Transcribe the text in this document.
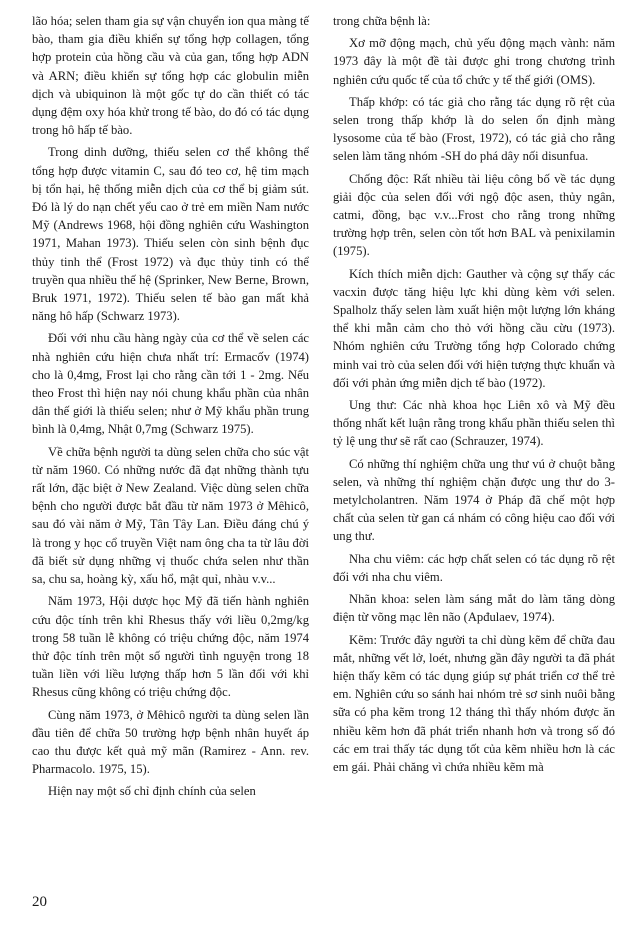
lão hóa; selen tham gia sự vận chuyển ion qua màng tế bào, tham gia điều khiển sự tổng hợp collagen, tổng hợp protein của hồng cầu và của gan, tổng hợp ADN và ARN; điều khiển sự tổng hợp các globulin miễn dịch và ubiquinon là một gốc tự do cần thiết có tác dụng đệm oxy hóa khử trong tế bào, do đó có tác dụng trong hô hấp tế bào.

Trong dinh dưỡng, thiếu selen cơ thể không thể tổng hợp được vitamin C, sau đó teo cơ, hệ tim mạch bị tổn hại, hệ thống miễn dịch của cơ thể bị giảm sút. Đó là lý do nạn chết yểu cao ở trẻ em miền Nam nước Mỹ (Andrews 1968, hội đồng nghiên cứu Washington 1971, Mahan 1973). Thiếu selen còn sinh bệnh đục thủy tinh thể (Frost 1972) và đục thủy tinh có thể truyền qua nhiều thế hệ (Sprinker, New Berne, Brown, Bruk 1971, 1972). Thiếu selen tế bào gan mất khả năng hô hấp (Schwarz 1973).

Đối với nhu cầu hàng ngày của cơ thể về selen các nhà nghiên cứu hiện chưa nhất trí: Ermacốv (1974) cho là 0,4mg, Frost lại cho rằng cần tới 1 - 2mg. Nếu theo Frost thì hiện nay nói chung khẩu phần của nhân dân thế giới là thiếu selen; như ở Mỹ khẩu phần trung bình là 0,4mg, Nhật 0,7mg (Schwarz 1975).

Về chữa bệnh người ta dùng selen chữa cho súc vật từ năm 1960. Có những nước đã đạt những thành tựu rất lớn, đặc biệt ở New Zealand. Việc dùng selen chữa bệnh cho người được bắt đầu từ năm 1973 ở Mêhicô, sau đó vài năm ở Mỹ, Tân Tây Lan. Điều đáng chú ý là trong y học cổ truyền Việt nam ông cha ta từ lâu đời đã biết sử dụng những vị thuốc chứa selen như thần sa, chu sa, hoàng kỳ, xấu hổ, mật quỉ, nhàu v.v...

Năm 1973, Hội dược học Mỹ đã tiến hành nghiên cứu độc tính trên khỉ Rhesus thấy với liều 0,2mg/kg trong 58 tuần lễ không có triệu chứng độc, năm 1974 thử độc tính trên một số người tình nguyện trong 18 tuần liền với liều lượng thấp hơn 5 lần đối với khỉ Rhesus cũng không có triệu chứng độc.

Cùng năm 1973, ở Mêhicô người ta dùng selen lần đầu tiên để chữa 50 trường hợp bệnh nhân huyết áp cao thu được kết quả mỹ mãn (Ramirez - Ann. rev. Pharmacolo. 1975, 15).

Hiện nay một số chỉ định chính của selen

trong chữa bệnh là:

Xơ mỡ động mạch, chủ yếu động mạch vành: năm 1973 đây là một đề tài được ghi trong chương trình nghiên cứu quốc tế của tổ chức y tế thế giới (OMS).

Thấp khớp: có tác giả cho rằng tác dụng rõ rệt của selen trong thấp khớp là do selen ổn định màng lysosome của tế bào (Frost, 1972), có tác giả cho rằng selen làm tăng nhóm -SH do phá dây nối disunfua.

Chống độc: Rất nhiều tài liệu công bố về tác dụng giải độc của selen đối với ngộ độc asen, thủy ngân, catmi, đồng, bạc v.v...Frost cho rằng trong những trường hợp trên, selen còn tốt hơn BAL và penixilamin (1975).

Kích thích miễn dịch: Gauther và cộng sự thấy các vacxin được tăng hiệu lực khi dùng kèm với selen. Spalholz thấy selen làm xuất hiện một lượng lớn kháng thể khi mẫn cảm cho thỏ với hồng cầu cừu (1973). Nhóm nghiên cứu Trường tổng hợp Colorado chứng minh vai trò của selen đối với hiện tượng thực khuẩn và đối với phản ứng miễn dịch tế bào (1972).

Ung thư: Các nhà khoa học Liên xô và Mỹ đều thống nhất kết luận rằng trong khẩu phần thiếu selen thì tỷ lệ ung thư sẽ rất cao (Schrauzer, 1974).

Có những thí nghiệm chữa ung thư vú ở chuột bằng selen, và những thí nghiệm chặn được ung thư do 3- metylcholantren. Năm 1974 ở Pháp đã chế một hợp chất của selen từ gan cá nhám có công hiệu cao đối với ung thư.

Nha chu viêm: các hợp chất selen có tác dụng rõ rệt đối với nha chu viêm.

Nhãn khoa: selen làm sáng mắt do làm tăng dòng điện từ võng mạc lên não (Apđulaev, 1974).

Kẽm: Trước đây người ta chỉ dùng kẽm để chữa đau mắt, những vết lở, loét, nhưng gần đây người ta đã phát hiện thấy kẽm có tác dụng giúp sự phát triển cơ thể trẻ em. Nghiên cứu so sánh hai nhóm trẻ sơ sinh nuôi bằng sữa có pha kẽm trong 12 tháng thì thấy nhóm được ăn nhiều kẽm hơn đã phát triển nhanh hơn và trong số đó các em trai thấy tác dụng tốt của kẽm nhiều hơn là các em gái. Phải chăng vì chứa nhiều kẽm mà

20
